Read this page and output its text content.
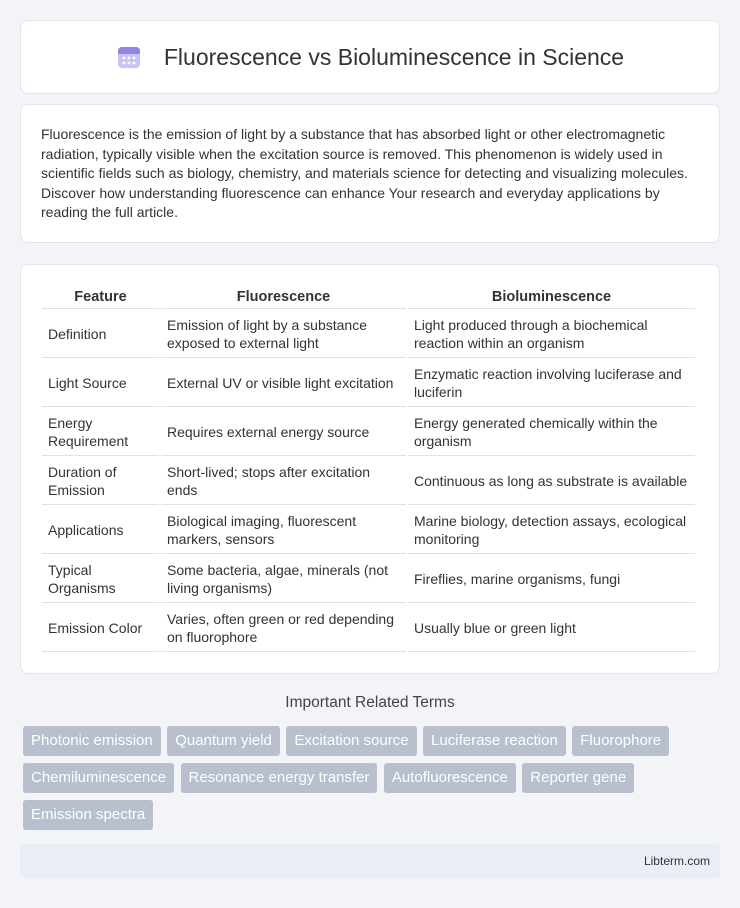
Fluorescence vs Bioluminescence in Science

Fluorescence is the emission of light by a substance that has absorbed light or other electromagnetic radiation, typically visible when the excitation source is removed. This phenomenon is widely used in scientific fields such as biology, chemistry, and materials science for detecting and visualizing molecules. Discover how understanding fluorescence can enhance Your research and everyday applications by reading the full article.

Feature	Fluorescence	Bioluminescence
Definition	Emission of light by a substance exposed to external light	Light produced through a biochemical reaction within an organism
Light Source	External UV or visible light excitation	Enzymatic reaction involving luciferase and luciferin
Energy Requirement	Requires external energy source	Energy generated chemically within the organism
Duration of Emission	Short-lived; stops after excitation ends	Continuous as long as substrate is available
Applications	Biological imaging, fluorescent markers, sensors	Marine biology, detection assays, ecological monitoring
Typical Organisms	Some bacteria, algae, minerals (not living organisms)	Fireflies, marine organisms, fungi
Emission Color	Varies, often green or red depending on fluorophore	Usually blue or green light
Important Related Terms
Photonic emission Quantum yield Excitation source Luciferase reaction Fluorophore Chemiluminescence Resonance energy transfer Autofluorescence Reporter gene Emission spectra
Libterm.com
